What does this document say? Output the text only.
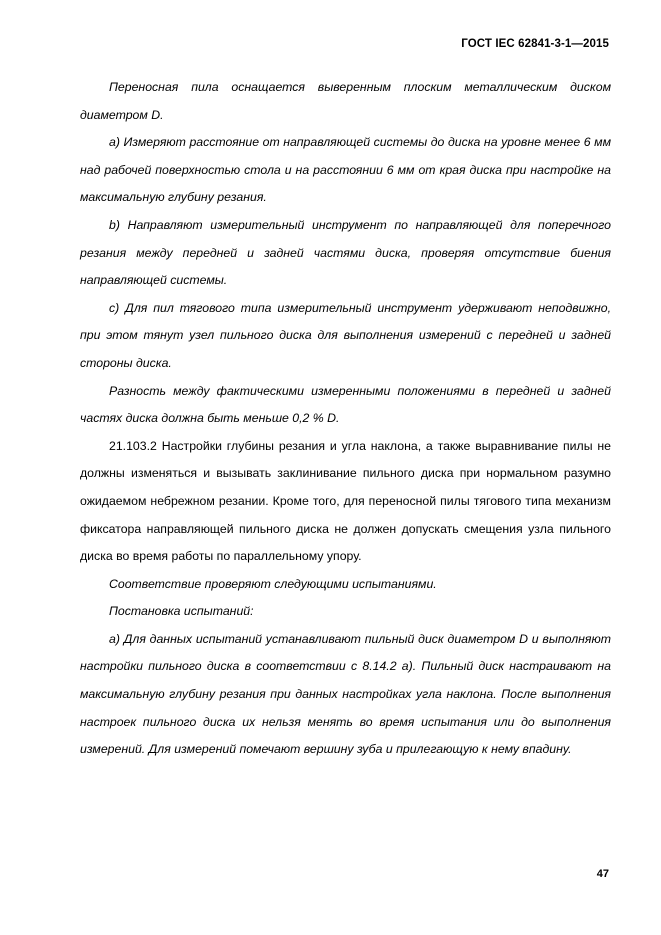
ГОСТ IEC 62841-3-1—2015

Переносная пила оснащается выверенным плоским металлическим диском диаметром D.

а) Измеряют расстояние от направляющей системы до диска на уровне менее 6 мм над рабочей поверхностью стола и на расстоянии 6 мм от края диска при настройке на максимальную глубину резания.

b) Направляют измерительный инструмент по направляющей для поперечного резания между передней и задней частями диска, проверяя отсутствие биения направляющей системы.

с) Для пил тягового типа измерительный инструмент удерживают неподвижно, при этом тянут узел пильного диска для выполнения измерений с передней и задней стороны диска.

Разность между фактическими измеренными положениями в передней и задней частях диска должна быть меньше 0,2 % D.

21.103.2 Настройки глубины резания и угла наклона, а также выравнивание пилы не должны изменяться и вызывать заклинивание пильного диска при нормальном разумно ожидаемом небрежном резании. Кроме того, для переносной пилы тягового типа механизм фиксатора направляющей пильного диска не должен допускать смещения узла пильного диска во время работы по параллельному упору.

Соответствие проверяют следующими испытаниями.

Постановка испытаний:

а) Для данных испытаний устанавливают пильный диск диаметром D и выполняют настройки пильного диска в соответствии с 8.14.2 а). Пильный диск настраивают на максимальную глубину резания при данных настройках угла наклона. После выполнения настроек пильного диска их нельзя менять во время испытания или до выполнения измерений. Для измерений помечают вершину зуба и прилегающую к нему впадину.

47
